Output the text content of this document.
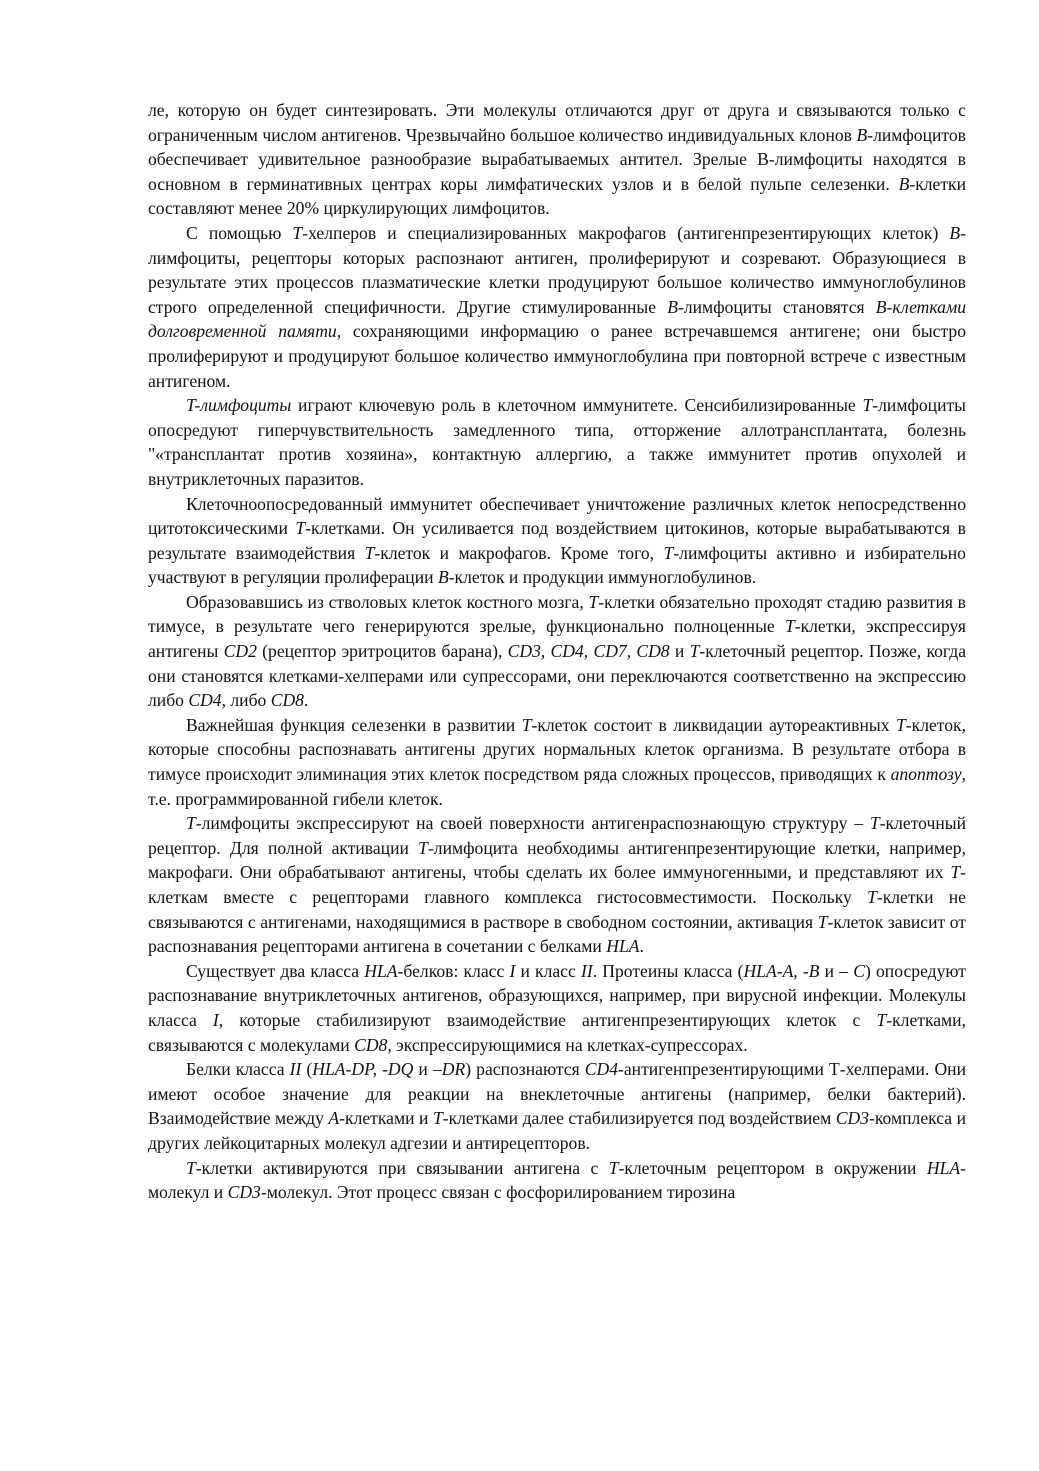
ле, которую он будет синтезировать. Эти молекулы отличаются друг от друга и связываются только с ограниченным числом антигенов. Чрезвычайно большое количество индивидуальных клонов B-лимфоцитов обеспечивает удивительное разнообразие вырабатываемых антител. Зрелые В-лимфоциты находятся в основном в герминативных центрах коры лимфатических узлов и в белой пульпе селезенки. B-клетки составляют менее 20% циркулирующих лимфоцитов.

С помощью T-хелперов и специализированных макрофагов (антигенпрезентирующих клеток) B-лимфоциты, рецепторы которых распознают антиген, пролиферируют и созревают. Образующиеся в результате этих процессов плазматические клетки продуцируют большое количество иммуноглобулинов строго определенной специфичности. Другие стимулированные B-лимфоциты становятся B-клетками долговременной памяти, сохраняющими информацию о ранее встречавшемся антигене; они быстро пролиферируют и продуцируют большое количество иммуноглобулина при повторной встрече с известным антигеном.

T-лимфоциты играют ключевую роль в клеточном иммунитете. Сенсибилизированные T-лимфоциты опосредуют гиперчувствительность замедленного типа, отторжение аллотрансплантата, болезнь "«трансплантат против хозяина», контактную аллергию, а также иммунитет против опухолей и внутриклеточных паразитов.

Клеточноопосредованный иммунитет обеспечивает уничтожение различных клеток непосредственно цитотоксическими T-клетками. Он усиливается под воздействием цитокинов, которые вырабатываются в результате взаимодействия T-клеток и макрофагов. Кроме того, T-лимфоциты активно и избирательно участвуют в регуляции пролиферации B-клеток и продукции иммуноглобулинов.

Образовавшись из стволовых клеток костного мозга, T-клетки обязательно проходят стадию развития в тимусе, в результате чего генерируются зрелые, функционально полноценные T-клетки, экспрессируя антигены CD2 (рецептор эритроцитов барана), CD3, CD4, CD7, CD8 и T-клеточный рецептор. Позже, когда они становятся клетками-хелперами или супрессорами, они переключаются соответственно на экспрессию либо CD4, либо CD8.

Важнейшая функция селезенки в развитии T-клеток состоит в ликвидации аутореактивных T-клеток, которые способны распознавать антигены других нормальных клеток организма. В результате отбора в тимусе происходит элиминация этих клеток посредством ряда сложных процессов, приводящих к апоптозу, т.е. программированной гибели клеток.

T-лимфоциты экспрессируют на своей поверхности антигенраспознающую структуру – T-клеточный рецептор. Для полной активации T-лимфоцита необходимы антигенпрезентирующие клетки, например, макрофаги. Они обрабатывают антигены, чтобы сделать их более иммуногенными, и представляют их T-клеткам вместе с рецепторами главного комплекса гистосовместимости. Поскольку T-клетки не связываются с антигенами, находящимися в растворе в свободном состоянии, активация T-клеток зависит от распознавания рецепторами антигена в сочетании с белками HLA.

Существует два класса HLA-белков: класс I и класс II. Протеины класса (HLA-A, -B и – C) опосредуют распознавание внутриклеточных антигенов, образующихся, например, при вирусной инфекции. Молекулы класса I, которые стабилизируют взаимодействие антигенпрезентирующих клеток с T-клетками, связываются с молекулами CD8, экспрессирующимися на клетках-супрессорах.

Белки класса II (HLA-DP, -DQ и –DR) распознаются CD4-антигенпрезентирующими Т-хелперами. Они имеют особое значение для реакции на внеклеточные антигены (например, белки бактерий). Взаимодействие между A-клетками и T-клетками далее стабилизируется под воздействием CD3-комплекса и других лейкоцитарных молекул адгезии и антирецепторов.

T-клетки активируются при связывании антигена с T-клеточным рецептором в окружении HLA-молекул и CD3-молекул. Этот процесс связан с фосфорилированием тирозина
